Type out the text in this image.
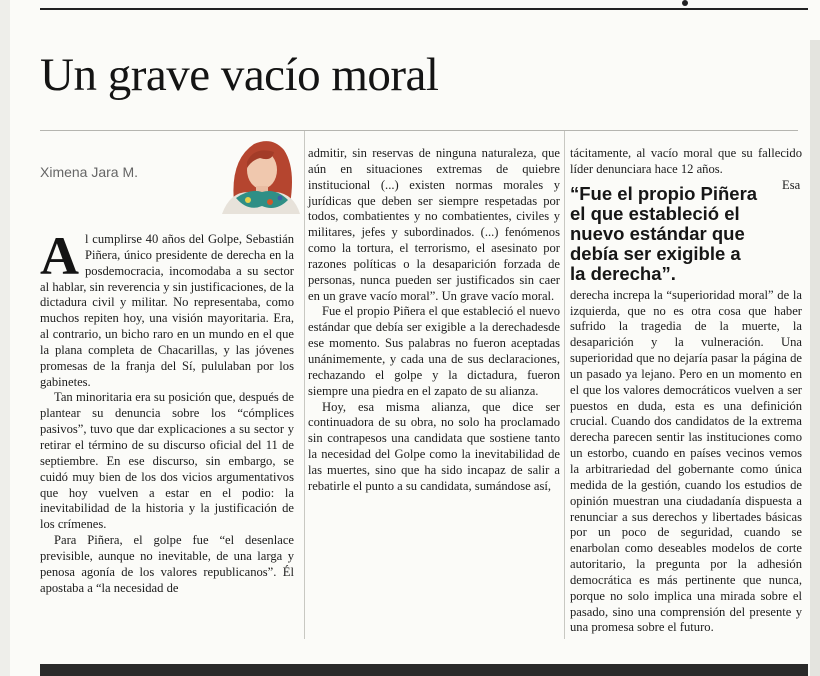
Un grave vacío moral

Ximena Jara M.

Al cumplirse 40 años del Golpe, Sebastián Piñera, único presidente de derecha en la posdemocracia, incomodaba a su sector al hablar, sin reverencia y sin justificaciones, de la dictadura civil y militar. No representaba, como muchos repiten hoy, una visión mayoritaria. Era, al contrario, un bicho raro en un mundo en el que la plana completa de Chacarillas, y las jóvenes promesas de la franja del Sí, pululaban por los gabinetes.

Tan minoritaria era su posición que, después de plantear su denuncia sobre los “cómplices pasivos”, tuvo que dar explicaciones a su sector y retirar el término de su discurso oficial del 11 de septiembre. En ese discurso, sin embargo, se cuidó muy bien de los dos vicios argumentativos que hoy vuelven a estar en el podio: la inevitabilidad de la historia y la justificación de los crímenes.

Para Piñera, el golpe fue “el desenlace previsible, aunque no inevitable, de una larga y penosa agonía de los valores republicanos”. Él apostaba a “la necesidad de

admitir, sin reservas de ninguna naturaleza, que aún en situaciones extremas de quiebre institucional (...) existen normas morales y jurídicas que deben ser siempre respetadas por todos, combatientes y no combatientes, civiles y militares, jefes y subordinados. (...) fenómenos como la tortura, el terrorismo, el asesinato por razones políticas o la desaparición forzada de personas, nunca pueden ser justificados sin caer en un grave vacío moral”. Un grave vacío moral.

Fue el propio Piñera el que estableció el nuevo estándar que debía ser exigible a la derechadesde ese momento. Sus palabras no fueron aceptadas unánimemente, y cada una de sus declaraciones, rechazando el golpe y la dictadura, fueron siempre una piedra en el zapato de su alianza.

Hoy, esa misma alianza, que dice ser continuadora de su obra, no solo ha proclamado sin contrapesos una candidata que sostiene tanto la necesidad del Golpe como la inevitabilidad de las muertes, sino que ha sido incapaz de salir a rebatirle el punto a su candidata, sumándose así,

tácitamente, al vacío moral que su fallecido líder denunciara hace 12 años.

“Fue el propio Piñera el que estableció el nuevo estándar que debía ser exigible a la derecha”.
Esa derecha increpa la “superioridad moral” de la izquierda, que no es otra cosa que haber sufrido la tragedia de la muerte, la desaparición y la vulneración. Una superioridad que no dejaría pasar la página de un pasado ya lejano. Pero en un momento en el que los valores democráticos vuelven a ser puestos en duda, esta es una definición crucial. Cuando dos candidatos de la extrema derecha parecen sentir las instituciones como un estorbo, cuando en países vecinos vemos la arbitrariedad del gobernante como única medida de la gestión, cuando los estudios de opinión muestran una ciudadanía dispuesta a renunciar a sus derechos y libertades básicas por un poco de seguridad, cuando se enarbolan como deseables modelos de corte autoritario, la pregunta por la adhesión democrática es más pertinente que nunca, porque no solo implica una mirada sobre el pasado, sino una comprensión del presente y una promesa sobre el futuro.
